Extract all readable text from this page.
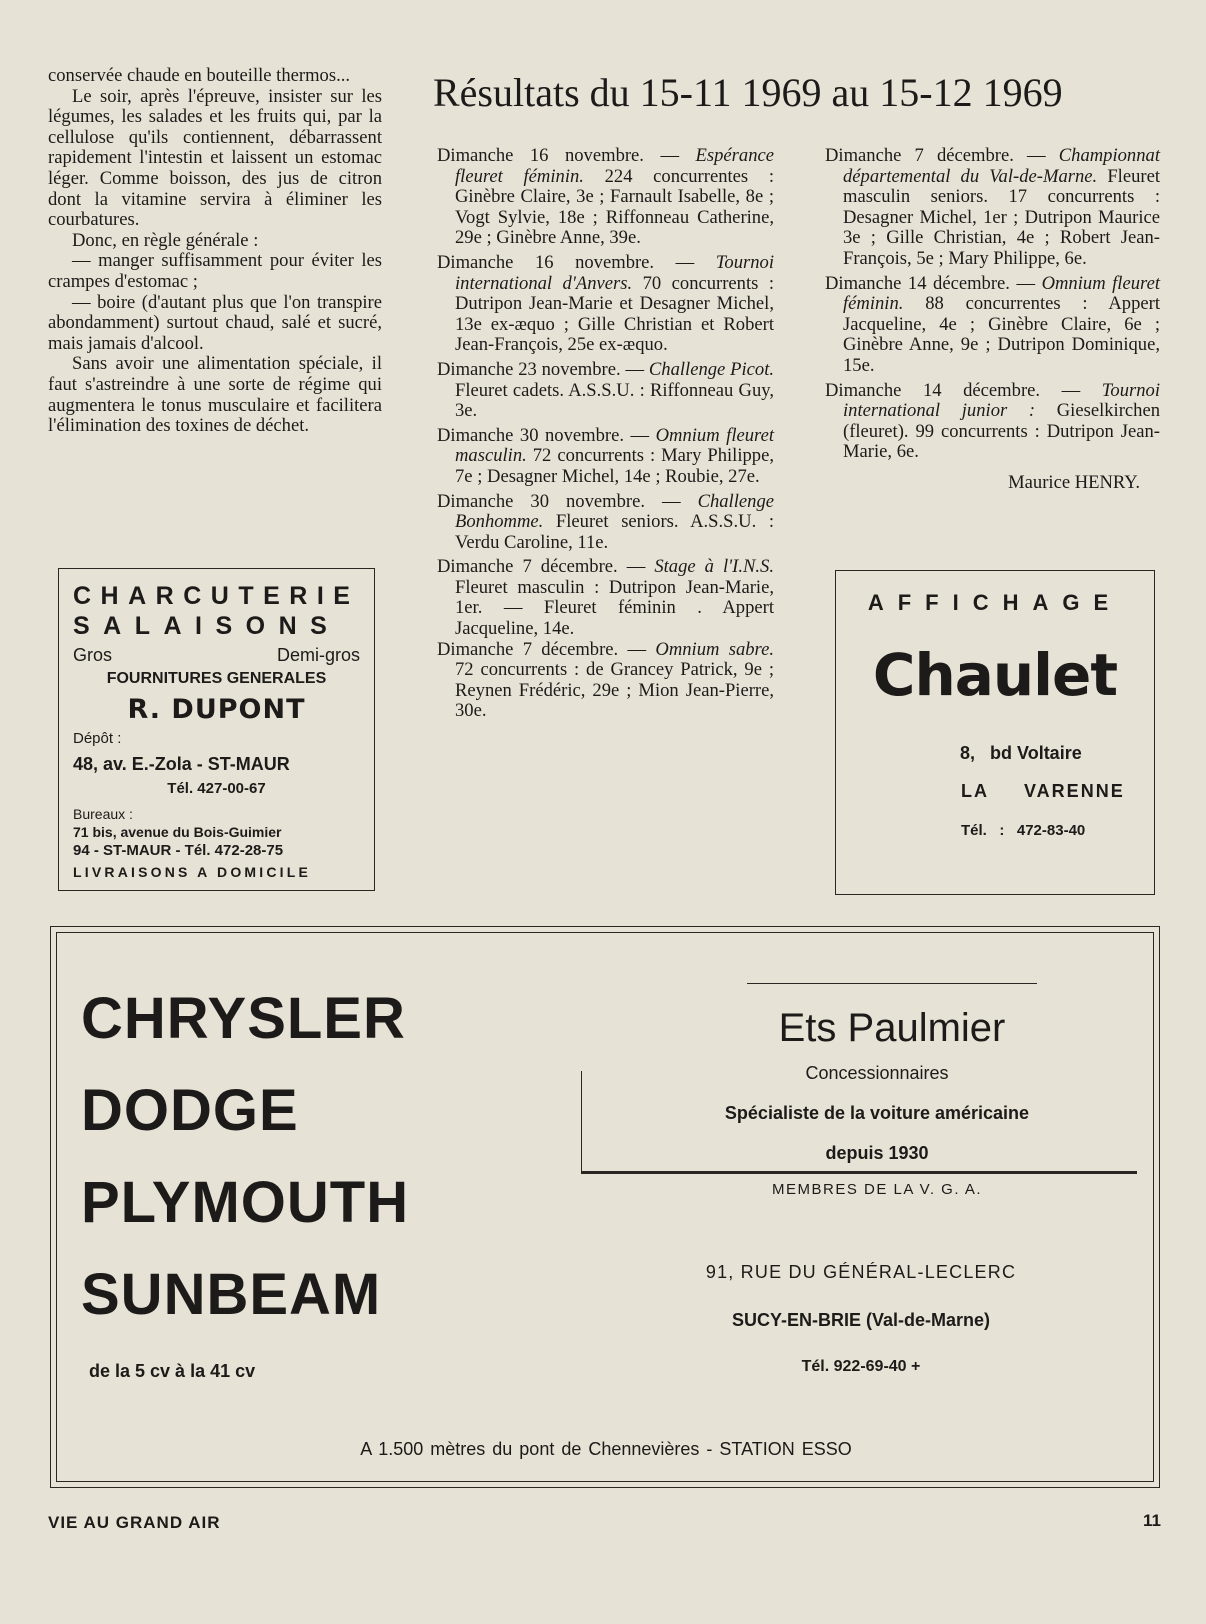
conservée chaude en bouteille thermos...

Le soir, après l'épreuve, insister sur les légumes, les salades et les fruits qui, par la cellulose qu'ils contiennent, débarrassent rapidement l'intestin et laissent un estomac léger. Comme boisson, des jus de citron dont la vitamine servira à éliminer les courbatures.

Donc, en règle générale :

— manger suffisamment pour éviter les crampes d'estomac ;

— boire (d'autant plus que l'on transpire abondamment) surtout chaud, salé et sucré, mais jamais d'alcool.

Sans avoir une alimentation spéciale, il faut s'astreindre à une sorte de régime qui augmentera le tonus musculaire et facilitera l'élimination des toxines de déchet.

Résultats du 15-11 1969 au 15-12 1969

Dimanche 16 novembre. — Espérance fleuret féminin. 224 concurrentes : Ginèbre Claire, 3e ; Farnault Isabelle, 8e ; Vogt Sylvie, 18e ; Riffonneau Catherine, 29e ; Ginèbre Anne, 39e.

Dimanche 16 novembre. — Tournoi international d'Anvers. 70 concurrents : Dutripon Jean-Marie et Desagner Michel, 13e ex-æquo ; Gille Christian et Robert Jean-François, 25e ex-æquo.

Dimanche 23 novembre. — Challenge Picot. Fleuret cadets. A.S.S.U. : Riffonneau Guy, 3e.

Dimanche 30 novembre. — Omnium fleuret masculin. 72 concurrents : Mary Philippe, 7e ; Desagner Michel, 14e ; Roubie, 27e.

Dimanche 30 novembre. — Challenge Bonhomme. Fleuret seniors. A.S.S.U. : Verdu Caroline, 11e.

Dimanche 7 décembre. — Stage à l'I.N.S. Fleuret masculin : Dutripon Jean-Marie, 1er. — Fleuret féminin . Appert Jacqueline, 14e.

Dimanche 7 décembre. — Omnium sabre. 72 concurrents : de Grancey Patrick, 9e ; Reynen Frédéric, 29e ; Mion Jean-Pierre, 30e.

Dimanche 7 décembre. — Championnat départemental du Val-de-Marne. Fleuret masculin seniors. 17 concurrents : Desagner Michel, 1er ; Dutripon Maurice 3e ; Gille Christian, 4e ; Robert Jean-François, 5e ; Mary Philippe, 6e.

Dimanche 14 décembre. — Omnium fleuret féminin. 88 concurrentes : Appert Jacqueline, 4e ; Ginèbre Claire, 6e ; Ginèbre Anne, 9e ; Dutripon Dominique, 15e.

Dimanche 14 décembre. — Tournoi international junior : Gieselkirchen (fleuret). 99 concurrents : Dutripon Jean-Marie, 6e.

Maurice HENRY.

CHARCUTERIE
SALAISONS
Gros	Demi-gros
FOURNITURES GENERALES
R. DUPONT
Dépôt :
48, av. E.-Zola - ST-MAUR
Tél. 427-00-67
Bureaux :
71 bis, avenue du Bois-Guimier
94 - ST-MAUR - Tél. 472-28-75
LIVRAISONS A DOMICILE
AFFICHAGE
Chaulet
8, bd Voltaire
LA VARENNE
Tél. : 472-83-40
CHRYSLER
DODGE
PLYMOUTH
SUNBEAM
de la 5 cv à la 41 cv
Ets Paulmier
Concessionnaires
Spécialiste de la voiture américaine
depuis 1930
MEMBRES DE LA V. G. A.
91, RUE DU GÉNÉRAL-LECLERC
SUCY-EN-BRIE (Val-de-Marne)
Tél. 922-69-40 +
A 1.500 mètres du pont de Chennevières - STATION ESSO
VIE AU GRAND AIR	11
